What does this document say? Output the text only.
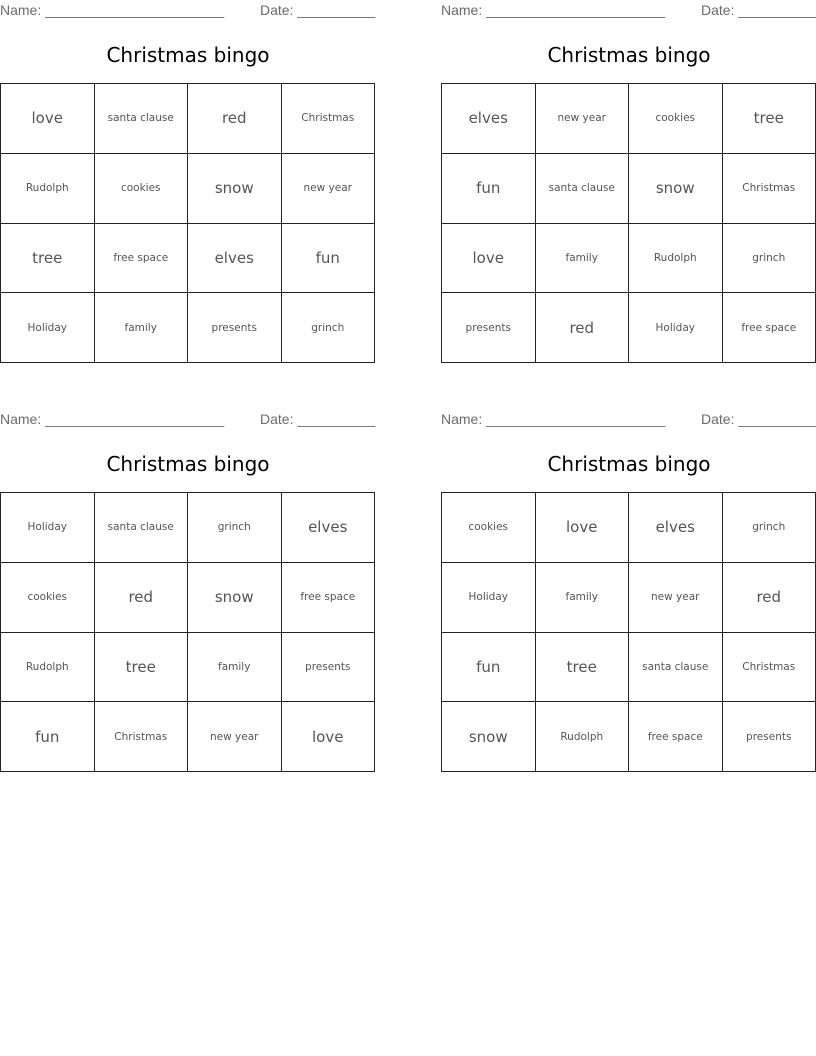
Name: _______________________	Date: __________
Christmas bingo
love	santa clause	red	Christmas
Rudolph	cookies	snow	new year
tree	free space	elves	fun
Holiday	family	presents	grinch
Name: _______________________	Date: __________
Christmas bingo
elves	new year	cookies	tree
fun	santa clause	snow	Christmas
love	family	Rudolph	grinch
presents	red	Holiday	free space
Name: _______________________	Date: __________
Christmas bingo
Holiday	santa clause	grinch	elves
cookies	red	snow	free space
Rudolph	tree	family	presents
fun	Christmas	new year	love
Name: _______________________	Date: __________
Christmas bingo
cookies	love	elves	grinch
Holiday	family	new year	red
fun	tree	santa clause	Christmas
snow	Rudolph	free space	presents
